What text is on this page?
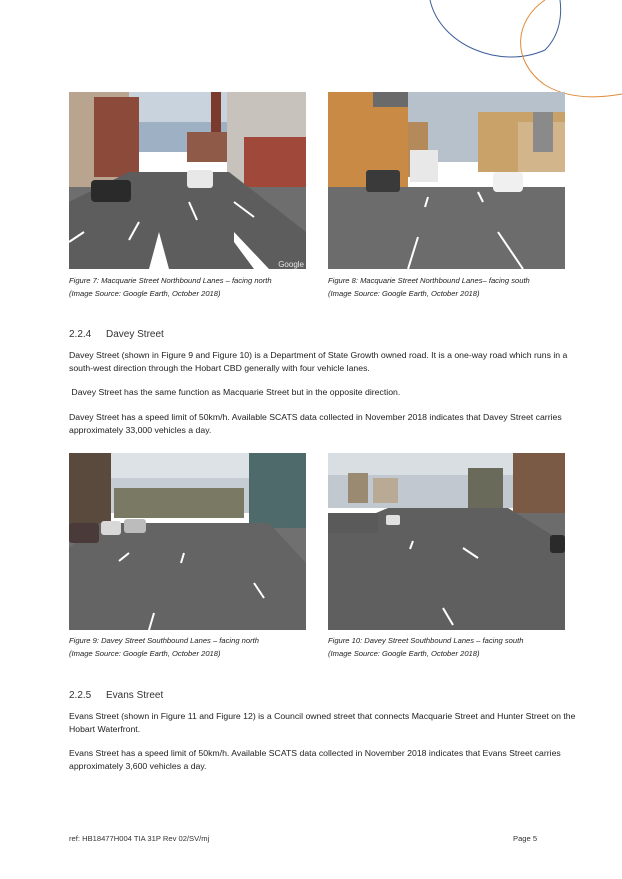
Google
Figure 7: Macquarie Street Northbound Lanes – facing north
(Image Source: Google Earth, October 2018)
Figure 8: Macquarie Street Northbound Lanes– facing south
(Image Source: Google Earth, October 2018)
2.2.4 Davey Street
Davey Street (shown in Figure 9 and Figure 10) is a Department of State Growth owned road. It is a one-way road which runs in a south-west direction through the Hobart CBD generally with four vehicle lanes.
Davey Street has the same function as Macquarie Street but in the opposite direction.
Davey Street has a speed limit of 50km/h. Available SCATS data collected in November 2018 indicates that Davey Street carries approximately 33,000 vehicles a day.
Figure 9: Davey Street Southbound Lanes – facing north
(Image Source: Google Earth, October 2018)
Figure 10: Davey Street Southbound Lanes – facing south
(Image Source: Google Earth, October 2018)
2.2.5 Evans Street
Evans Street (shown in Figure 11 and Figure 12) is a Council owned street that connects Macquarie Street and Hunter Street on the Hobart Waterfront.
Evans Street has a speed limit of 50km/h. Available SCATS data collected in November 2018 indicates that Evans Street carries approximately 3,600 vehicles a day.
ref: HB18477H004 TIA 31P Rev 02/SV/mj	Page 5
